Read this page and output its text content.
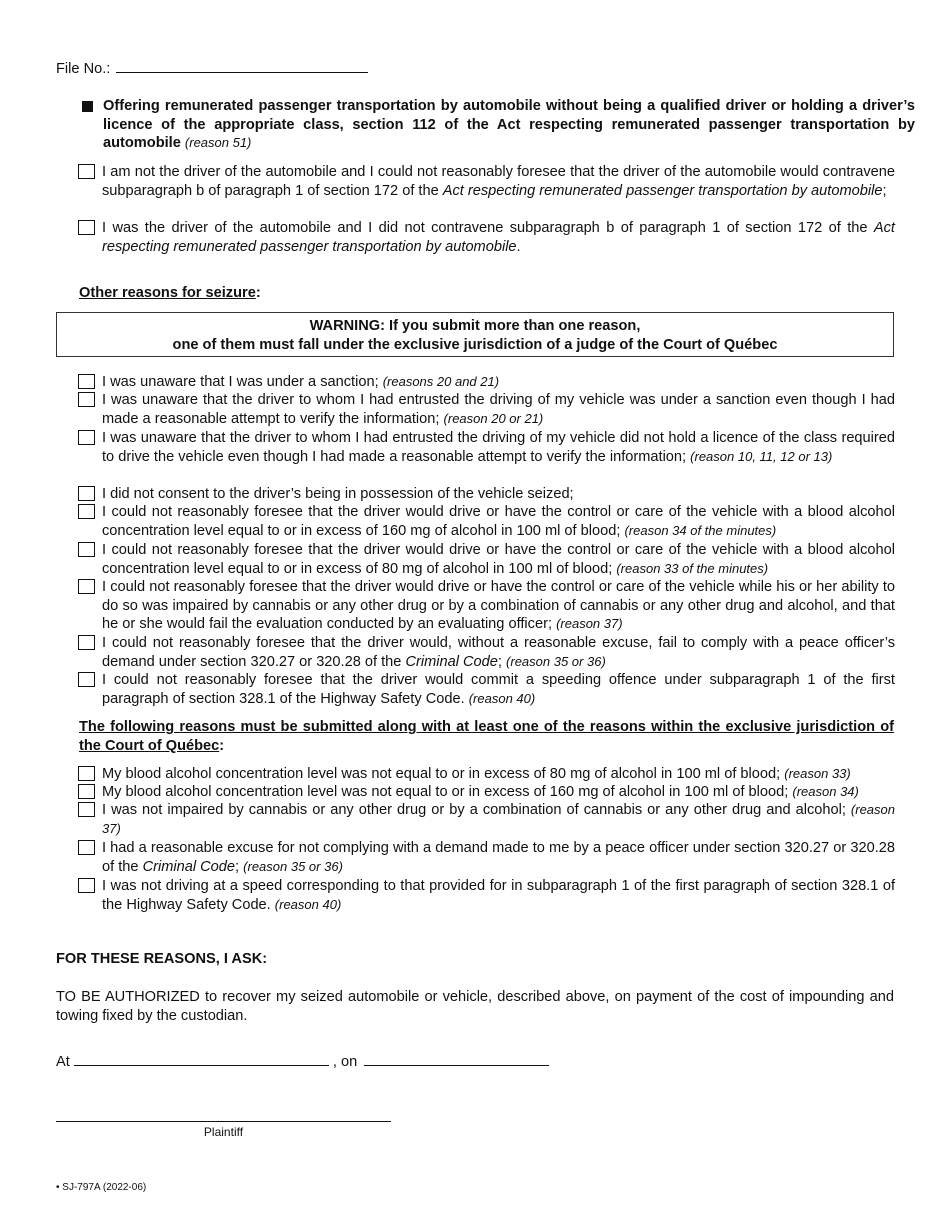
File No.:
Offering remunerated passenger transportation by automobile without being a qualified driver or holding a driver’s licence of the appropriate class, section 112 of the Act respecting remunerated passenger transportation by automobile (reason 51)
I am not the driver of the automobile and I could not reasonably foresee that the driver of the automobile would contravene subparagraph b of paragraph 1 of section 172 of the Act respecting remunerated passenger transportation by automobile;
I was the driver of the automobile and I did not contravene subparagraph b of paragraph 1 of section 172 of the Act respecting remunerated passenger transportation by automobile.
Other reasons for seizure:
WARNING: If you submit more than one reason,
one of them must fall under the exclusive jurisdiction of a judge of the Court of Québec
I was unaware that I was under a sanction; (reasons 20 and 21)
I was unaware that the driver to whom I had entrusted the driving of my vehicle was under a sanction even though I had made a reasonable attempt to verify the information; (reason 20 or 21)
I was unaware that the driver to whom I had entrusted the driving of my vehicle did not hold a licence of the class required to drive the vehicle even though I had made a reasonable attempt to verify the information; (reason 10, 11, 12 or 13)
I did not consent to the driver’s being in possession of the vehicle seized;
I could not reasonably foresee that the driver would drive or have the control or care of the vehicle with a blood alcohol concentration level equal to or in excess of 160 mg of alcohol in 100 ml of blood; (reason 34 of the minutes)
I could not reasonably foresee that the driver would drive or have the control or care of the vehicle with a blood alcohol concentration level equal to or in excess of 80 mg of alcohol in 100 ml of blood; (reason 33 of the minutes)
I could not reasonably foresee that the driver would drive or have the control or care of the vehicle while his or her ability to do so was impaired by cannabis or any other drug or by a combination of cannabis or any other drug and alcohol, and that he or she would fail the evaluation conducted by an evaluating officer; (reason 37)
I could not reasonably foresee that the driver would, without a reasonable excuse, fail to comply with a peace officer’s demand under section 320.27 or 320.28 of the Criminal Code; (reason 35 or 36)
I could not reasonably foresee that the driver would commit a speeding offence under subparagraph 1 of the first paragraph of section 328.1 of the Highway Safety Code. (reason 40)
The following reasons must be submitted along with at least one of the reasons within the exclusive jurisdiction of the Court of Québec:
My blood alcohol concentration level was not equal to or in excess of 80 mg of alcohol in 100 ml of blood; (reason 33)
My blood alcohol concentration level was not equal to or in excess of 160 mg of alcohol in 100 ml of blood; (reason 34)
I was not impaired by cannabis or any other drug or by a combination of cannabis or any other drug and alcohol; (reason 37)
I had a reasonable excuse for not complying with a demand made to me by a peace officer under section 320.27 or 320.28 of the Criminal Code; (reason 35 or 36)
I was not driving at a speed corresponding to that provided for in subparagraph 1 of the first paragraph of section 328.1 of the Highway Safety Code. (reason 40)
FOR THESE REASONS, I ASK:
TO BE AUTHORIZED to recover my seized automobile or vehicle, described above, on payment of the cost of impounding and towing fixed by the custodian.
At	, on
Plaintiff
• SJ-797A (2022-06)
